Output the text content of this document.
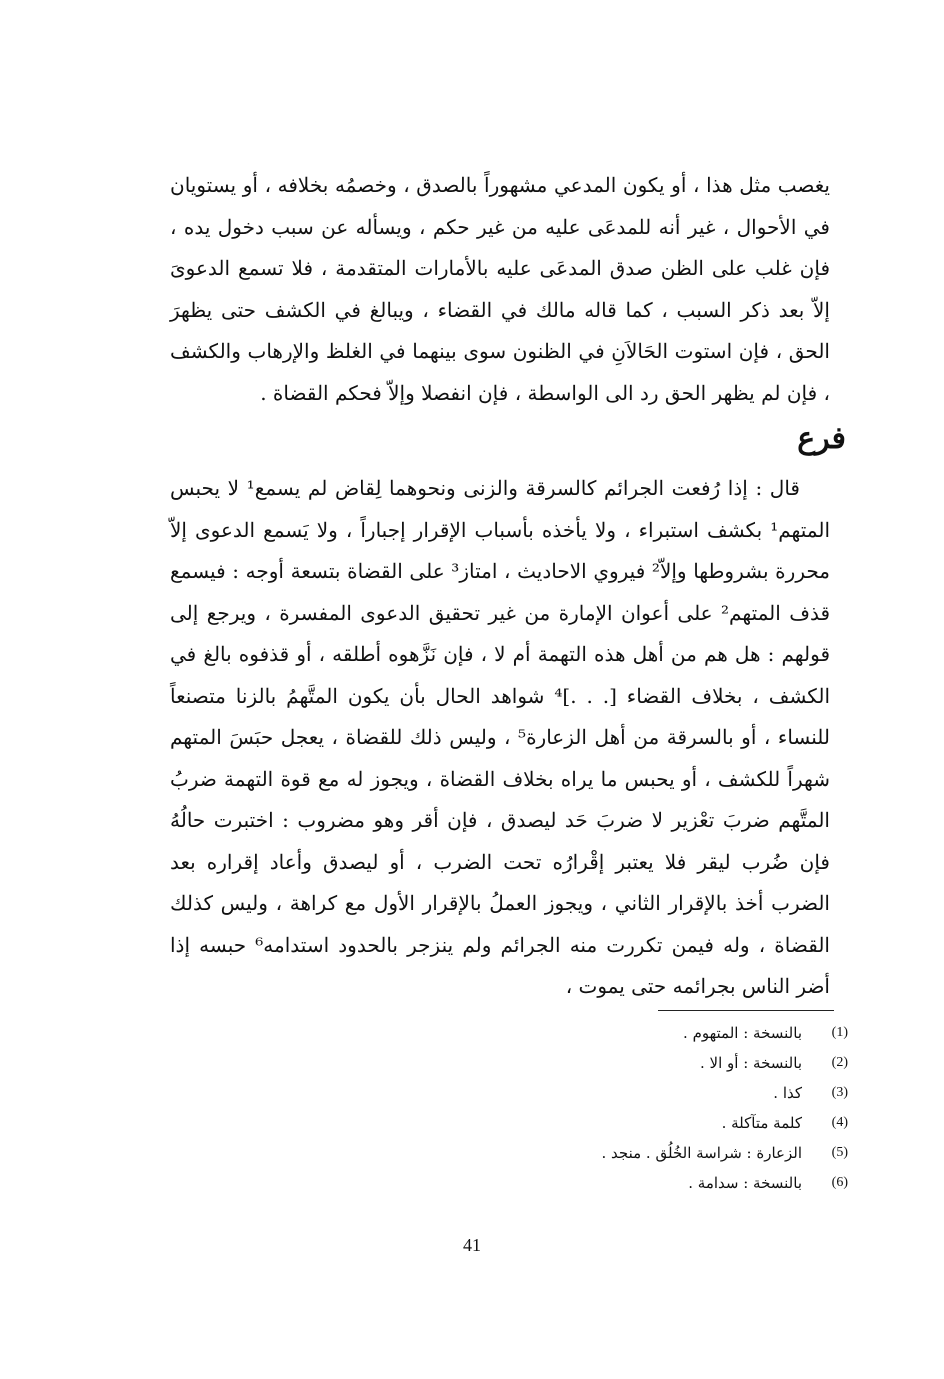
يغصب مثل هذا ، أو يكون المدعي مشهوراً بالصدق ، وخصمُه بخلافه ، أو يستويان في الأحوال ، غير أنه للمدعَى عليه من غير حكم ، ويسأله عن سبب دخول يده ، فإن غلب على الظن صدق المدعَى عليه بالأمارات المتقدمة ، فلا تسمع الدعوىَ إلاّ بعد ذكر السبب ، كما قاله مالك في القضاء ، ويبالغ في الكشف حتى يظهرَ الحق ، فإن استوت الحَالاَنِ في الظنون سوى بينهما في الغلظ والإرهاب والكشف ، فإن لم يظهر الحق رد الى الواسطة ، فإن انفصلا وإلاّ فحكم القضاة .

فرع

قال : إذا رُفعت الجرائم كالسرقة والزنى ونحوهما لِقاض لم يسمع¹ لا يحبس المتهم¹ بكشف استبراء ، ولا يأخذه بأسباب الإقرار إجباراً ، ولا يَسمع الدعوى إلاّ محررة بشروطها وإلاّ² فيروي الاحاديث ، امتاز³ على القضاة بتسعة أوجه : فيسمع قذف المتهم² على أعوان الإمارة من غير تحقيق الدعوى المفسرة ، ويرجع إلى قولهم : هل هم من أهل هذه التهمة أم لا ، فإن نَزَّهوه أطلقه ، أو قذفوه بالغ في الكشف ، بخلاف القضاء [. . .]⁴ شواهد الحال بأن يكون المتَّهمُ بالزنا متصنعاً للنساء ، أو بالسرقة من أهل الزعارة⁵ ، وليس ذلك للقضاة ، يعجل حبَسَ المتهم شهراً للكشف ، أو يحبس ما يراه بخلاف القضاة ، ويجوز له مع قوة التهمة ضربُ المتَّهم ضربَ تعْزير لا ضربَ حَد ليصدق ، فإن أقر وهو مضروب : اختبرت حالُهُ فإن ضُرب ليقر فلا يعتبر إقْرارُه تحت الضرب ، أو ليصدق وأعاد إقراره بعد الضرب أخذ بالإقرار الثاني ، ويجوز العملُ بالإقرار الأول مع كراهة ، وليس كذلك القضاة ، وله فيمن تكررت منه الجرائم ولم ينزجر بالحدود استدامه⁶ حبسه إذا أضر الناس بجرائمه حتى يموت ،

(1)
بالنسخة : المتهوم .
(2)
بالنسخة : أو الا .
(3)
كذا .
(4)
كلمة متآكلة .
(5)
الزعارة : شراسة الخُلُق . منجد .
(6)
بالنسخة : سدامة .
41
